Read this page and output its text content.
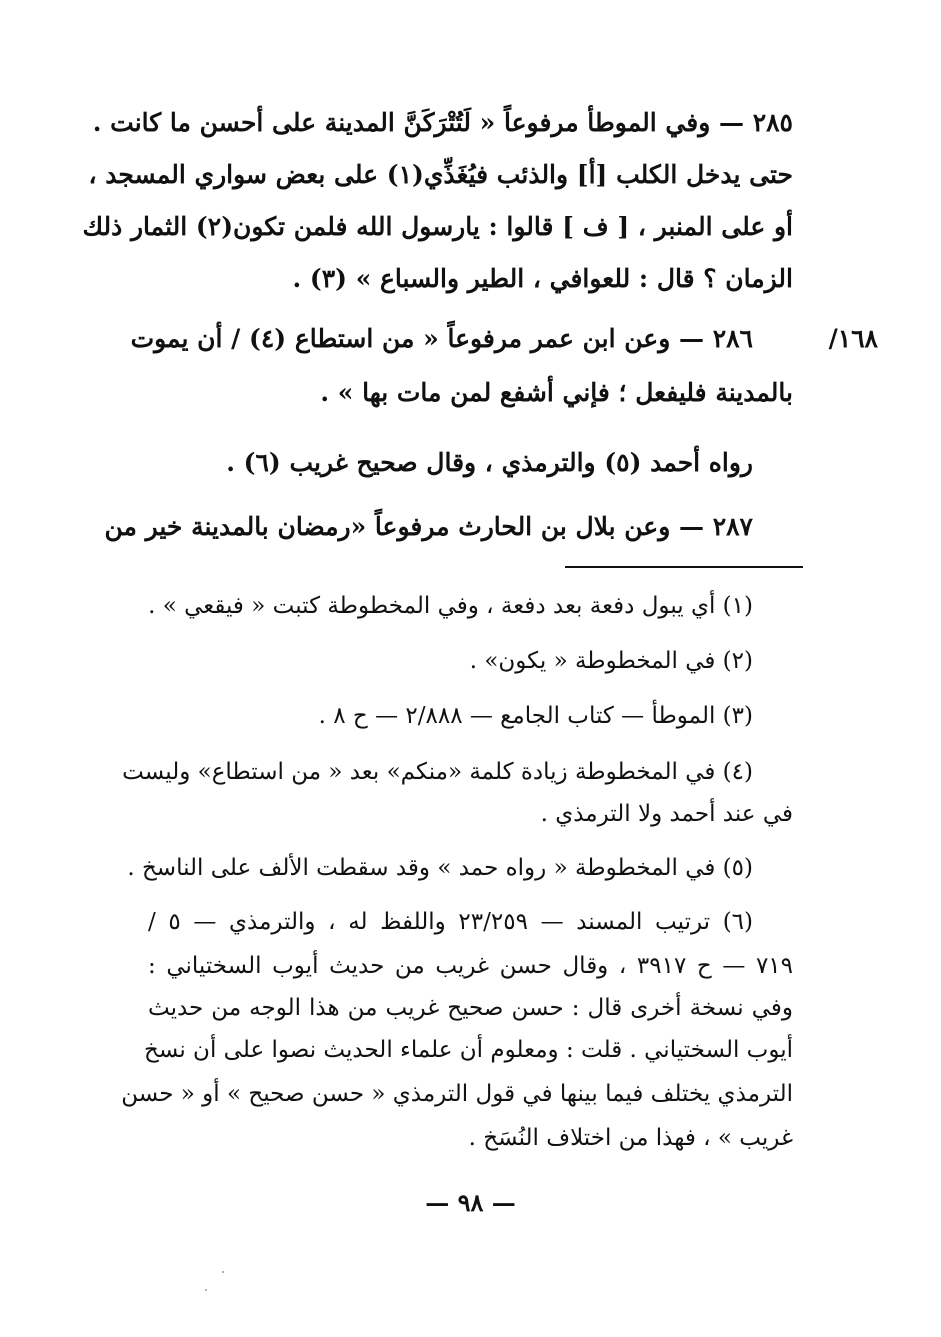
٢٨٥ — وفي الموطأ مرفوعاً « لَتُتْرَكَنَّ المدينة على أحسن ما كانت .
حتى يدخل الكلب [أ] والذئب فيُغَذِّي(١) على بعض سواري المسجد ،
أو على المنبر ، [ ف ] قالوا : يارسول الله فلمن تكون(٢) الثمار ذلك
الزمان ؟ قال : للعوافي ، الطير والسباع » (٣) .
/١٦٨
٢٨٦ — وعن ابن عمر مرفوعاً « من استطاع (٤) / أن يموت
بالمدينة فليفعل ؛ فإني أشفع لمن مات بها » .
رواه أحمد (٥) والترمذي ، وقال صحيح غريب (٦) .
٢٨٧ — وعن بلال بن الحارث مرفوعاً «رمضان بالمدينة خير من
(١) أي يبول دفعة بعد دفعة ، وفي المخطوطة كتبت « فيقعي » .
(٢) في المخطوطة « يكون» .
(٣) الموطأ — كتاب الجامع — ٢/٨٨٨ — ح ٨ .
(٤) في المخطوطة زيادة كلمة «منكم» بعد « من استطاع» وليست
في عند أحمد ولا الترمذي .
(٥) في المخطوطة « رواه حمد » وقد سقطت الألف على الناسخ .
(٦) ترتيب المسند — ٢٣/٢٥٩ واللفظ له ، والترمذي — ٥ /
٧١٩ — ح ٣٩١٧ ، وقال حسن غريب من حديث أيوب السختياني :
وفي نسخة أخرى قال : حسن صحيح غريب من هذا الوجه من حديث
أيوب السختياني . قلت : ومعلوم أن علماء الحديث نصوا على أن نسخ
الترمذي يختلف فيما بينها في قول الترمذي « حسن صحيح » أو « حسن
غريب » ، فهذا من اختلاف النُسَخ .
— ٩٨ —
